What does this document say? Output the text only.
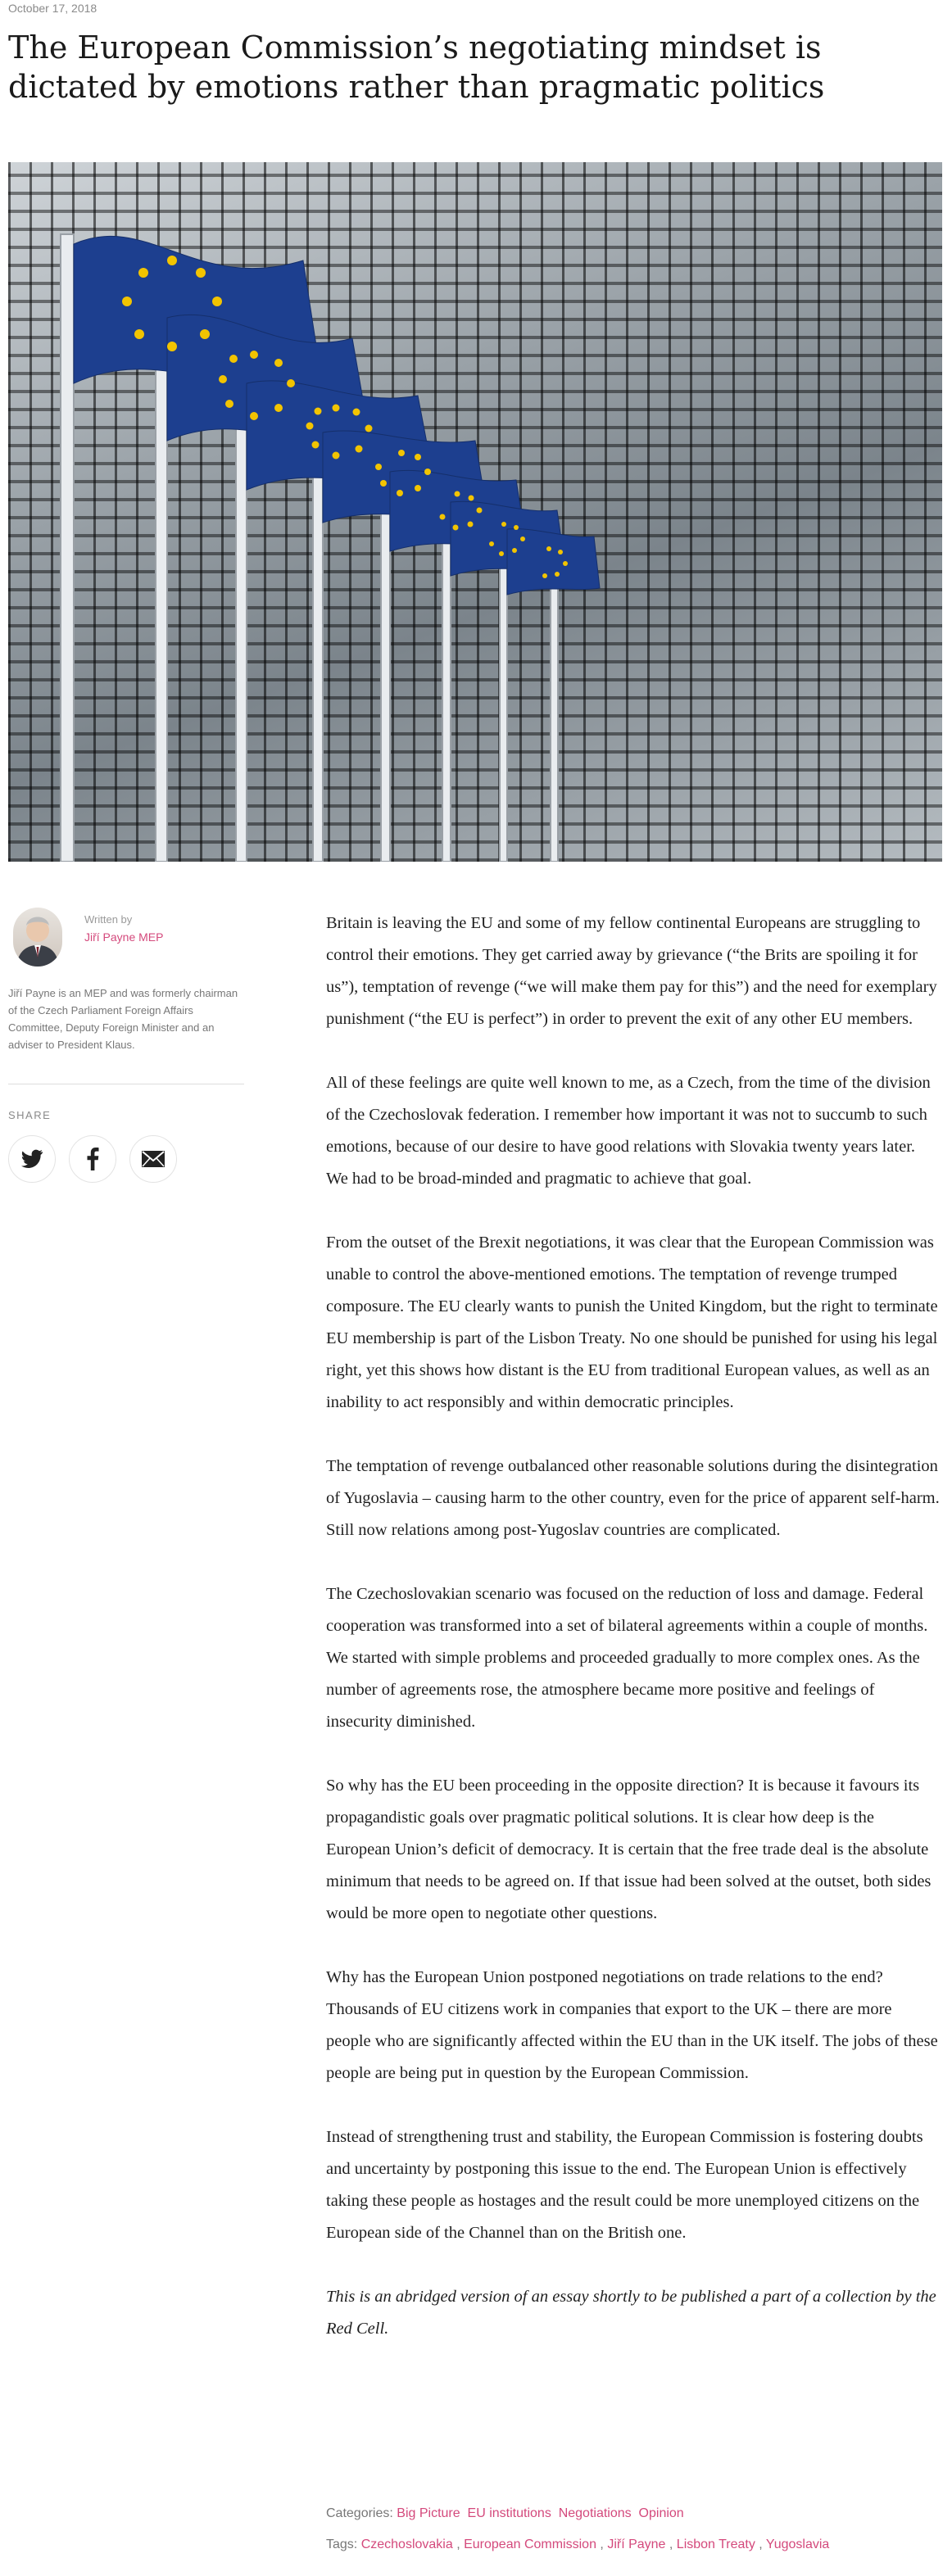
October 17, 2018
The European Commission’s negotiating mindset is dictated by emotions rather than pragmatic politics
Written by
Jiří Payne MEP
Jiří Payne is an MEP and was formerly chairman of the Czech Parliament Foreign Affairs Committee, Deputy Foreign Minister and an adviser to President Klaus.
SHARE

Britain is leaving the EU and some of my fellow continental Europeans are struggling to control their emotions. They get carried away by grievance (“the Brits are spoiling it for us”), temptation of revenge (“we will make them pay for this”) and the need for exemplary punishment (“the EU is perfect”) in order to prevent the exit of any other EU members.

All of these feelings are quite well known to me, as a Czech, from the time of the division of the Czechoslovak federation. I remember how important it was not to succumb to such emotions, because of our desire to have good relations with Slovakia twenty years later. We had to be broad-minded and pragmatic to achieve that goal.

From the outset of the Brexit negotiations, it was clear that the European Commission was unable to control the above-mentioned emotions. The temptation of revenge trumped composure. The EU clearly wants to punish the United Kingdom, but the right to terminate EU membership is part of the Lisbon Treaty. No one should be punished for using his legal right, yet this shows how distant is the EU from traditional European values, as well as an inability to act responsibly and within democratic principles.

The temptation of revenge outbalanced other reasonable solutions during the disintegration of Yugoslavia – causing harm to the other country, even for the price of apparent self-harm. Still now relations among post-Yugoslav countries are complicated.

The Czechoslovakian scenario was focused on the reduction of loss and damage. Federal cooperation was transformed into a set of bilateral agreements within a couple of months. We started with simple problems and proceeded gradually to more complex ones. As the number of agreements rose, the atmosphere became more positive and feelings of insecurity diminished.

So why has the EU been proceeding in the opposite direction? It is because it favours its propagandistic goals over pragmatic political solutions. It is clear how deep is the European Union’s deficit of democracy. It is certain that the free trade deal is the absolute minimum that needs to be agreed on. If that issue had been solved at the outset, both sides would be more open to negotiate other questions.

Why has the European Union postponed negotiations on trade relations to the end? Thousands of EU citizens work in companies that export to the UK – there are more people who are significantly affected within the EU than in the UK itself. The jobs of these people are being put in question by the European Commission.

Instead of strengthening trust and stability, the European Commission is fostering doubts and uncertainty by postponing this issue to the end. The European Union is effectively taking these people as hostages and the result could be more unemployed citizens on the European side of the Channel than on the British one.

This is an abridged version of an essay shortly to be published a part of a collection by the Red Cell.

Categories: Big Picture EU institutions Negotiations Opinion
Tags: Czechoslovakia , European Commission , Jiří Payne , Lisbon Treaty , Yugoslavia
